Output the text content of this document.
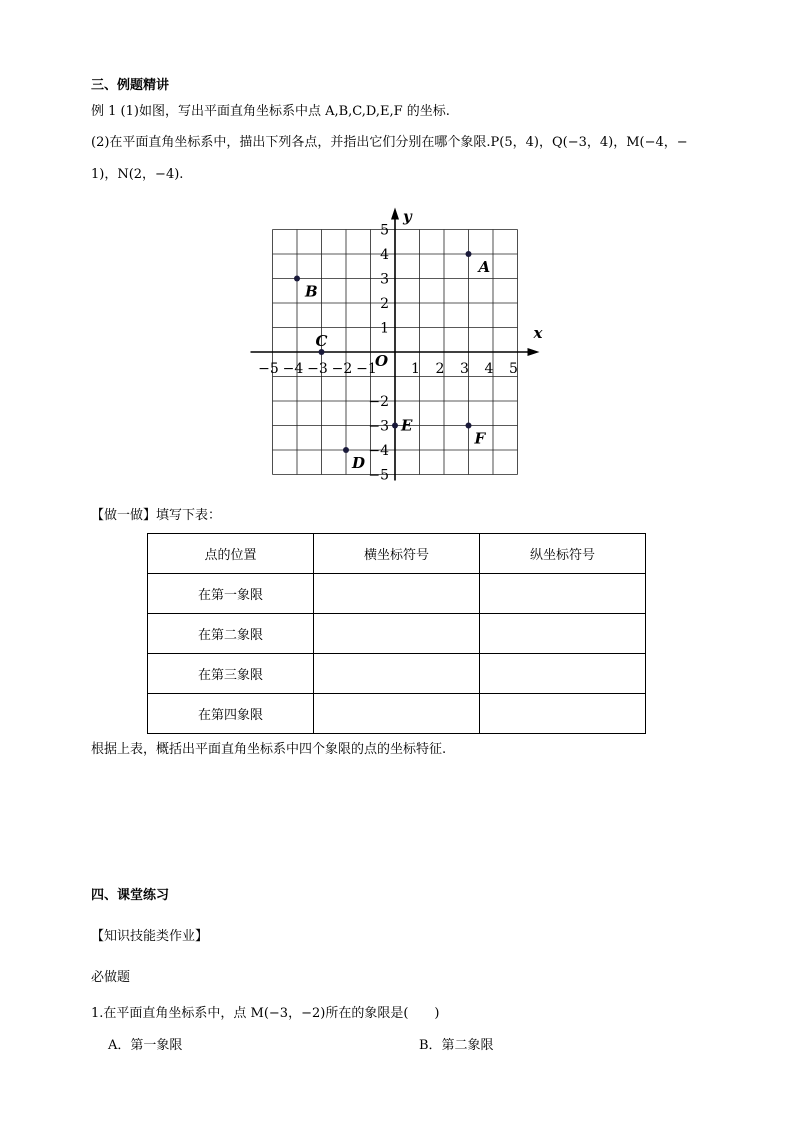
三、例题精讲
例 1 (1)如图，写出平面直角坐标系中点 A,B,C,D,E,F 的坐标.
(2)在平面直角坐标系中，描出下列各点，并指出它们分别在哪个象限.P(5，4)，Q(−3，4)，M(−4，−
1)，N(2，−4).
x
y
O
−5 −4 −3 −2 −1 1 2 3 4 5
5
4
3
2
1
−2
−3
−4
−5
A
B
C
D
E
F
点的位置	横坐标符号	纵坐标符号
在第一象限		
在第二象限		
在第三象限		
在第四象限		
【做一做】填写下表：
根据上表，概括出平面直角坐标系中四个象限的点的坐标特征.
四、课堂练习
【知识技能类作业】
必做题
1.在平面直角坐标系中，点 M(−3，−2)所在的象限是(　　)
A．第一象限	B．第二象限
